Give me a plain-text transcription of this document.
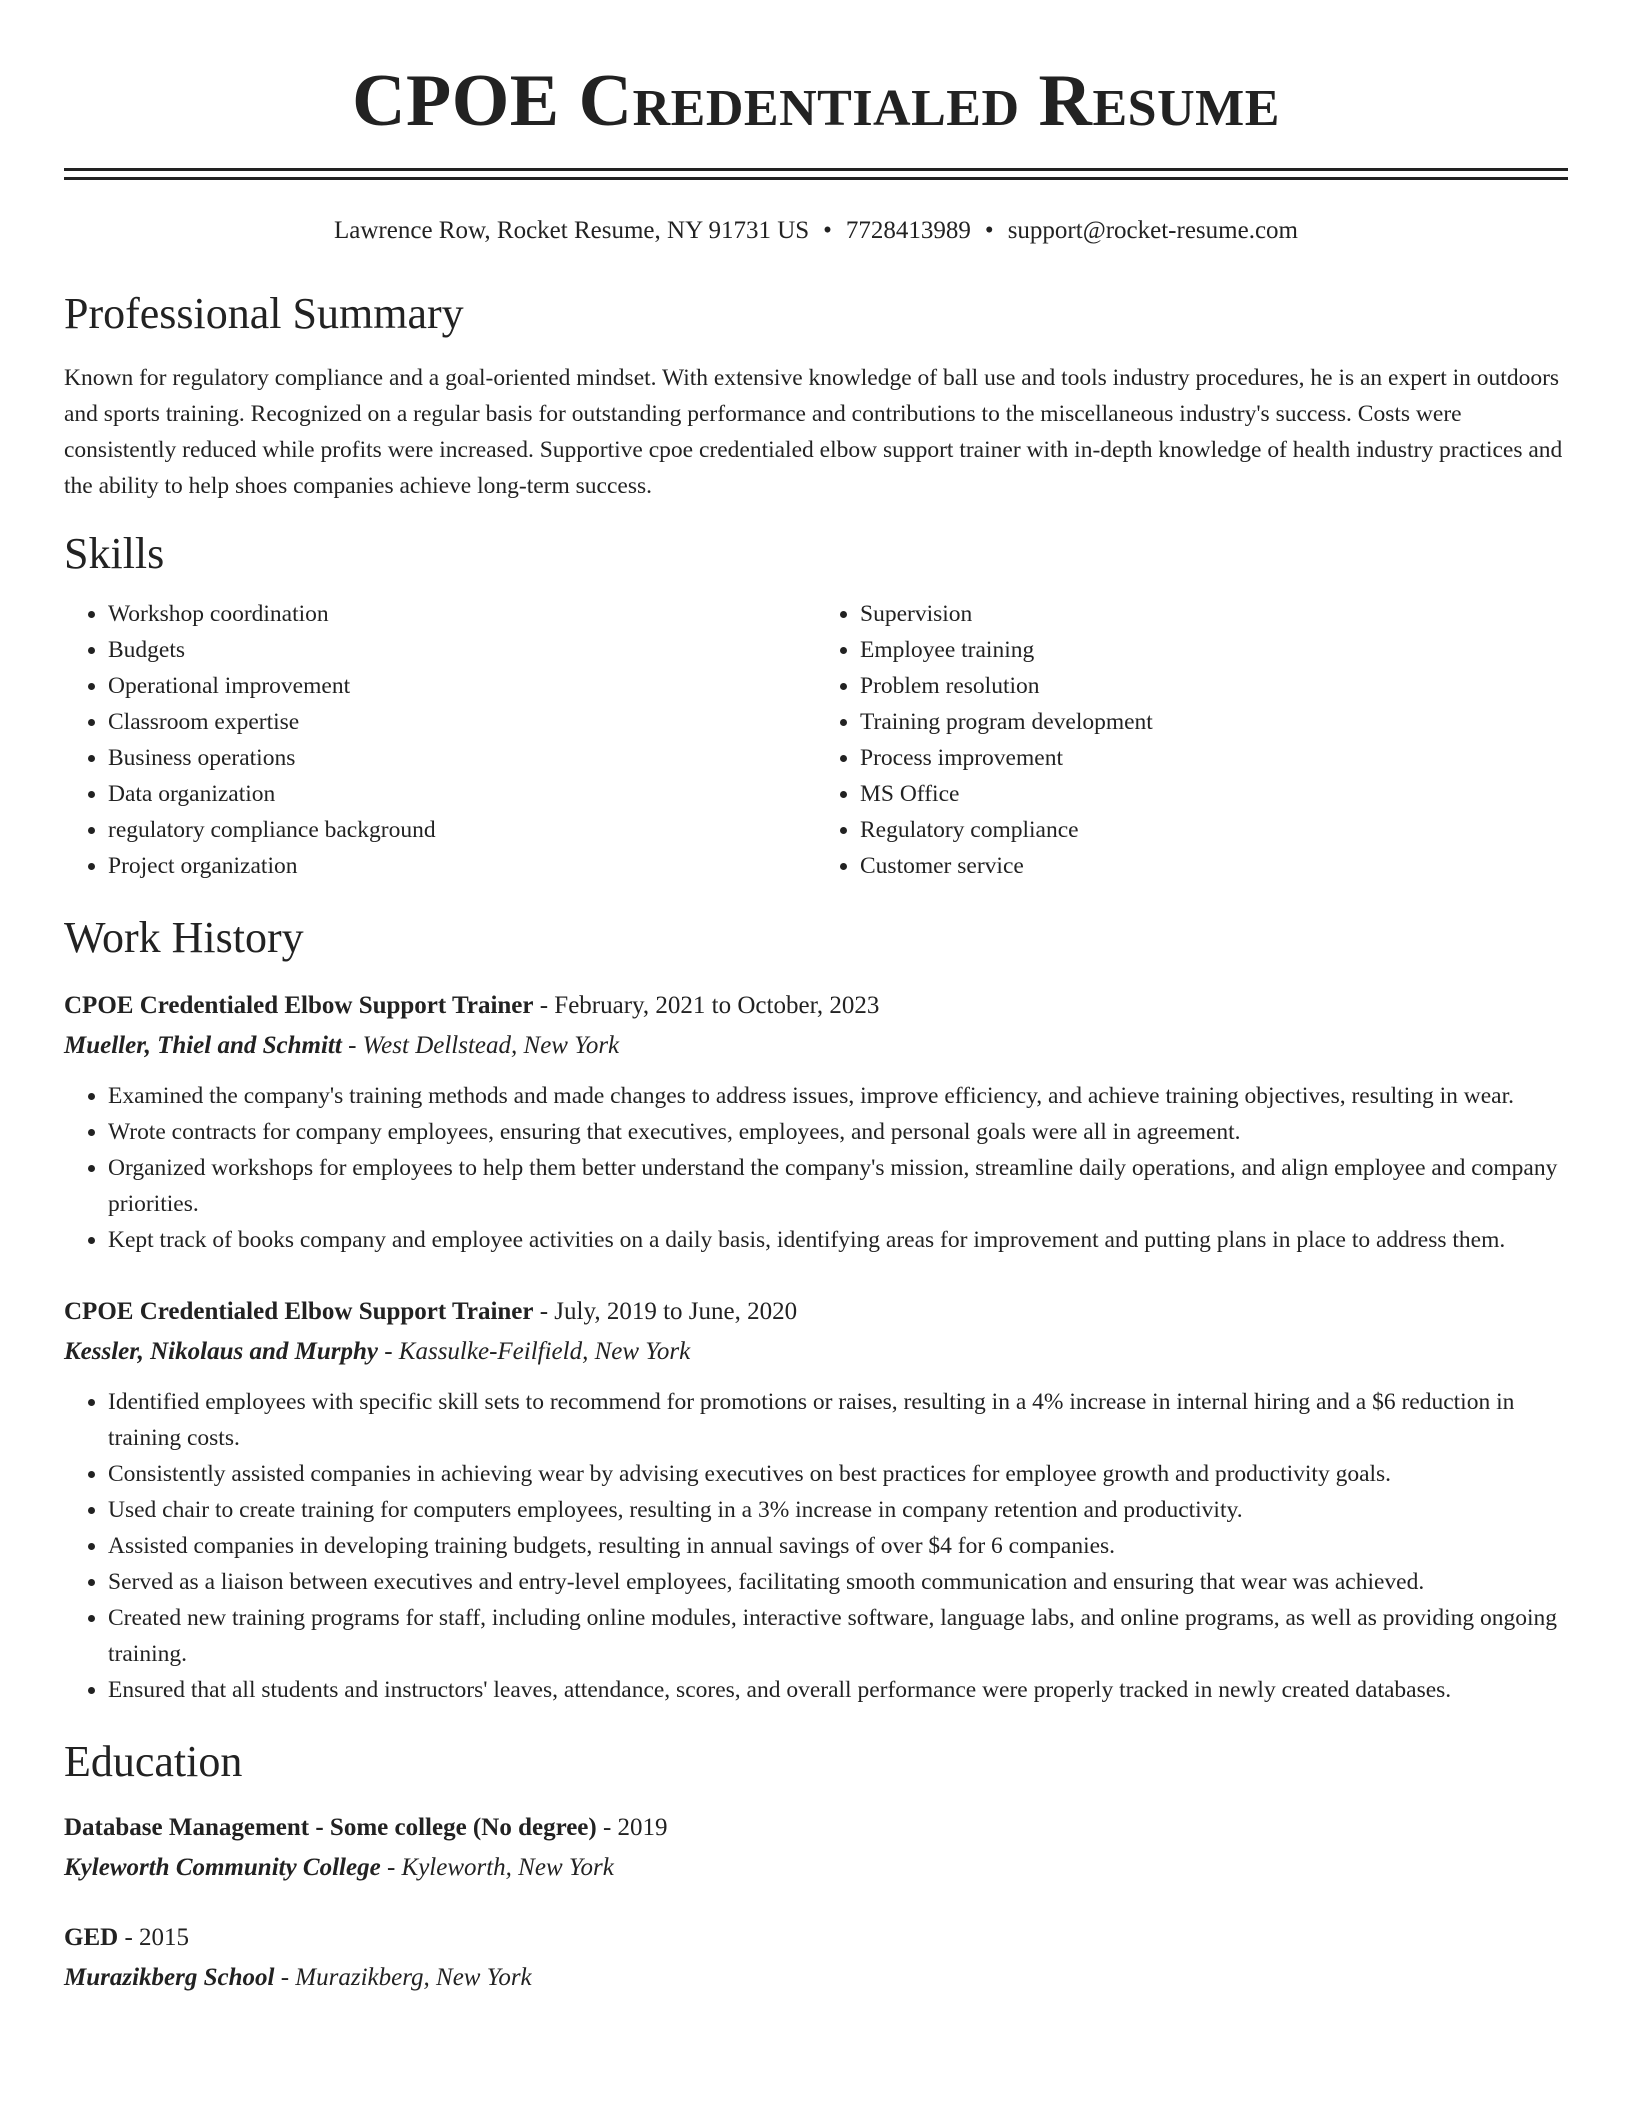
CPOE Credentialed Resume
Lawrence Row, Rocket Resume, NY 91731 US • 7728413989 • support@rocket-resume.com
Professional Summary

Known for regulatory compliance and a goal-oriented mindset. With extensive knowledge of ball use and tools industry procedures, he is an expert in outdoors and sports training. Recognized on a regular basis for outstanding performance and contributions to the miscellaneous industry's success. Costs were consistently reduced while profits were increased. Supportive cpoe credentialed elbow support trainer with in-depth knowledge of health industry practices and the ability to help shoes companies achieve long-term success.

Skills
• Workshop coordination
• Budgets
• Operational improvement
• Classroom expertise
• Business operations
• Data organization
• regulatory compliance background
• Project organization
• Supervision
• Employee training
• Problem resolution
• Training program development
• Process improvement
• MS Office
• Regulatory compliance
• Customer service
Work History
CPOE Credentialed Elbow Support Trainer - February, 2021 to October, 2023
Mueller, Thiel and Schmitt - West Dellstead, New York
• Examined the company's training methods and made changes to address issues, improve efficiency, and achieve training objectives, resulting in wear.
• Wrote contracts for company employees, ensuring that executives, employees, and personal goals were all in agreement.
• Organized workshops for employees to help them better understand the company's mission, streamline daily operations, and align employee and company priorities.
• Kept track of books company and employee activities on a daily basis, identifying areas for improvement and putting plans in place to address them.
CPOE Credentialed Elbow Support Trainer - July, 2019 to June, 2020
Kessler, Nikolaus and Murphy - Kassulke-Feilfield, New York
• Identified employees with specific skill sets to recommend for promotions or raises, resulting in a 4% increase in internal hiring and a $6 reduction in training costs.
• Consistently assisted companies in achieving wear by advising executives on best practices for employee growth and productivity goals.
• Used chair to create training for computers employees, resulting in a 3% increase in company retention and productivity.
• Assisted companies in developing training budgets, resulting in annual savings of over $4 for 6 companies.
• Served as a liaison between executives and entry-level employees, facilitating smooth communication and ensuring that wear was achieved.
• Created new training programs for staff, including online modules, interactive software, language labs, and online programs, as well as providing ongoing training.
• Ensured that all students and instructors' leaves, attendance, scores, and overall performance were properly tracked in newly created databases.
Education
Database Management - Some college (No degree) - 2019
Kyleworth Community College - Kyleworth, New York
GED - 2015
Murazikberg School - Murazikberg, New York
